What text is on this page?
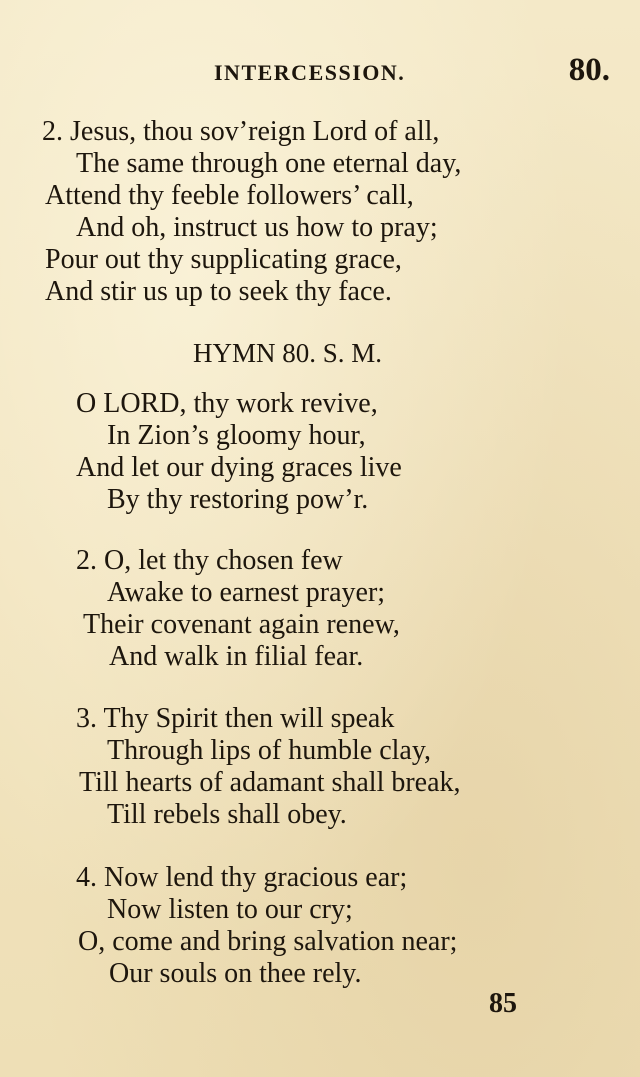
INTERCESSION.	80.
2. Jesus, thou sov’reign Lord of all,
The same through one eternal day,
Attend thy feeble followers’ call,
And oh, instruct us how to pray;
Pour out thy supplicating grace,
And stir us up to seek thy face.
HYMN 80. S. M.
O LORD, thy work revive,
In Zion’s gloomy hour,
And let our dying graces live
By thy restoring pow’r.
2. O, let thy chosen few
Awake to earnest prayer;
Their covenant again renew,
And walk in filial fear.
3. Thy Spirit then will speak
Through lips of humble clay,
Till hearts of adamant shall break,
Till rebels shall obey.
4. Now lend thy gracious ear;
Now listen to our cry;
O, come and bring salvation near;
Our souls on thee rely.
85
